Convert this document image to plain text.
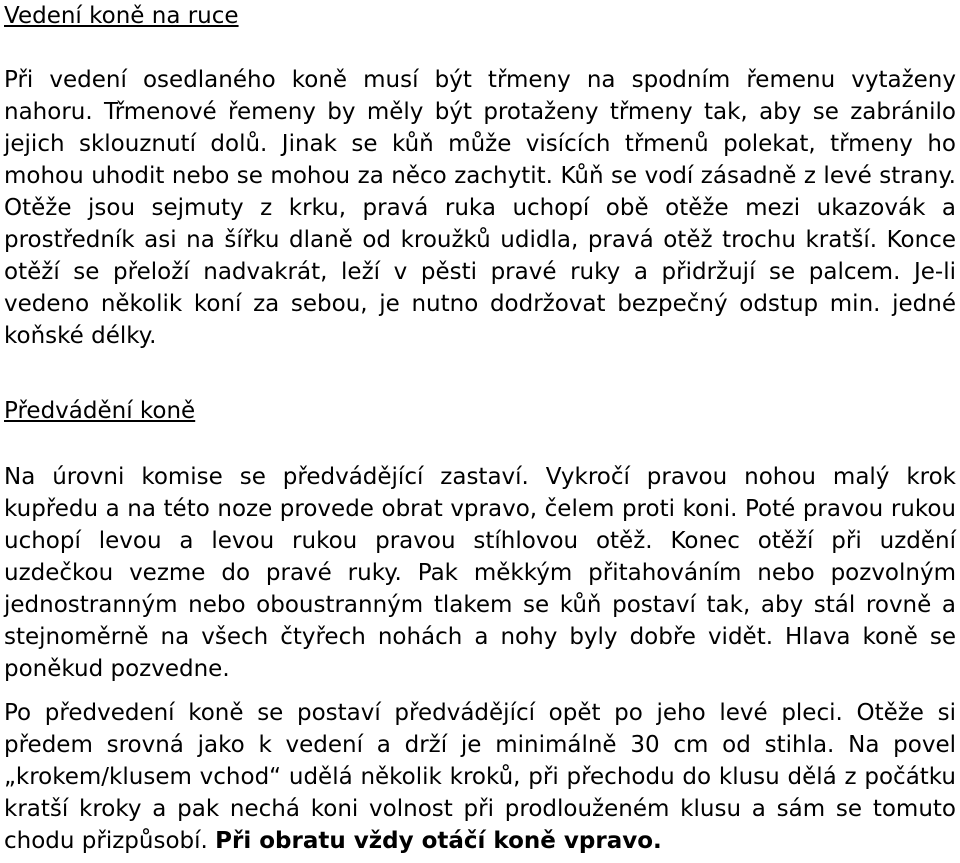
Vedení koně na ruce

Při vedení osedlaného koně musí být třmeny na spodním řemenu vytaženy nahoru. Třmenové řemeny by měly být protaženy třmeny tak, aby se zabránilo jejich sklouznutí dolů. Jinak se kůň může visících třmenů polekat, třmeny ho mohou uhodit nebo se mohou za něco zachytit. Kůň se vodí zásadně z levé strany. Otěže jsou sejmuty z krku, pravá ruka uchopí obě otěže mezi ukazovák a prostředník asi na šířku dlaně od kroužků udidla, pravá otěž trochu kratší. Konce otěží se přeloží nadvakrát, leží v pěsti pravé ruky a přidržují se palcem. Je-li vedeno několik koní za sebou, je nutno dodržovat bezpečný odstup min. jedné koňské délky.

Předvádění koně

Na úrovni komise se předvádějící zastaví. Vykročí pravou nohou malý krok kupředu a na této noze provede obrat vpravo, čelem proti koni. Poté pravou rukou uchopí levou a levou rukou pravou stíhlovou otěž. Konec otěží při uzdění uzdečkou vezme do pravé ruky. Pak měkkým přitahováním nebo pozvolným jednostranným nebo oboustranným tlakem se kůň postaví tak, aby stál rovně a stejnoměrně na všech čtyřech nohách a nohy byly dobře vidět. Hlava koně se poněkud pozvedne.

Po předvedení koně se postaví předvádějící opět po jeho levé pleci. Otěže si předem srovná jako k vedení a drží je minimálně 30 cm od stihla. Na povel „krokem/klusem vchod“ udělá několik kroků, při přechodu do klusu dělá z počátku kratší kroky a pak nechá koni volnost při prodlouženém klusu a sám se tomuto chodu přizpůsobí. Při obratu vždy otáčí koně vpravo.
